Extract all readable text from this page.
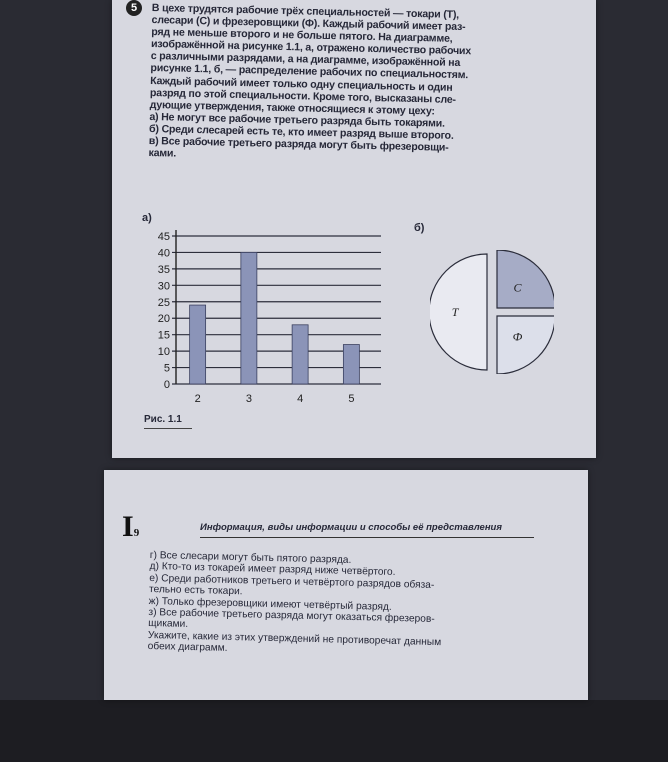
5	В цехе трудятся рабочие трёх специальностей — токари (Т),
слесари (С) и фрезеровщики (Ф). Каждый рабочий имеет раз-
ряд не меньше второго и не больше пятого. На диаграмме,
изображённой на рисунке 1.1, а, отражено количество рабочих
с различными разрядами, а на диаграмме, изображённой на
рисунке 1.1, б, — распределение рабочих по специальностям.
Каждый рабочий имеет только одну специальность и один
разряд по этой специальности. Кроме того, высказаны сле-
дующие утверждения, также относящиеся к этому цеху:
а) Не могут все рабочие третьего разряда быть токарями.
б) Среди слесарей есть те, кто имеет разряд выше второго.
в) Все рабочие третьего разряда могут быть фрезеровщи-
ками.

а)
б)
0
5
10
15
20
25
30
35
40
45
2	3	4	5
Т
С
Ф
Рис. 1.1
I9	Информация, виды информации и способы её представления

г) Все слесари могут быть пятого разряда.
д) Кто-то из токарей имеет разряд ниже четвёртого.
е) Среди работников третьего и четвёртого разрядов обяза-
тельно есть токари.
ж) Только фрезеровщики имеют четвёртый разряд.
з) Все рабочие третьего разряда могут оказаться фрезеров-
щиками.
Укажите, какие из этих утверждений не противоречат данным
обеих диаграмм.
